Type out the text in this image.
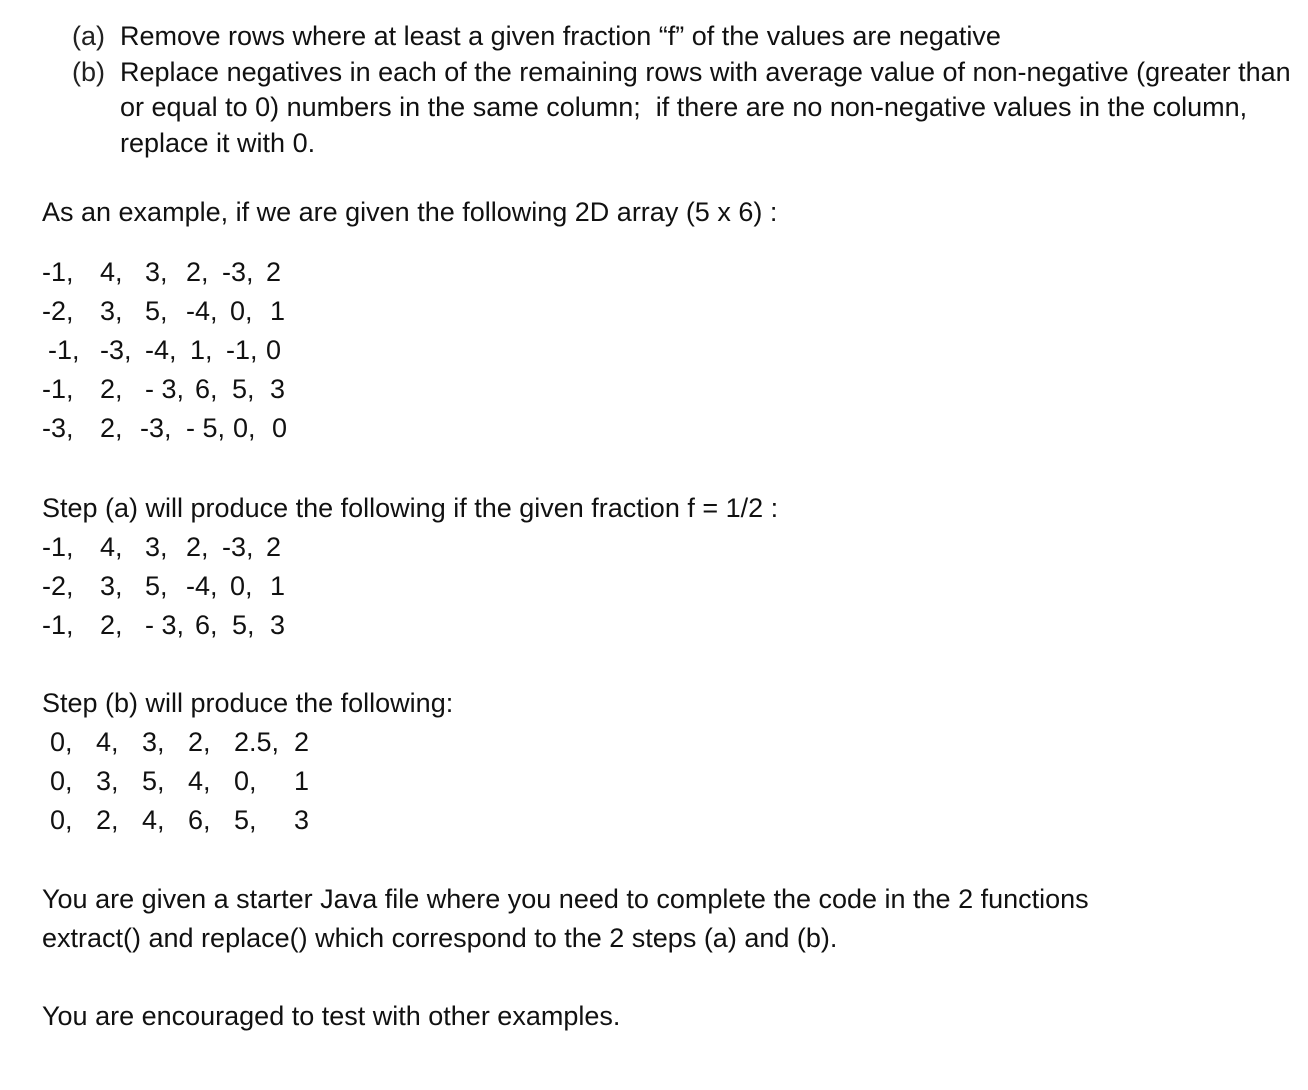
(a) Remove rows where at least a given fraction “f” of the values are negative
(b) Replace negatives in each of the remaining rows with average value of non-negative (greater than
or equal to 0) numbers in the same column;  if there are no non-negative values in the column,
replace it with 0.
As an example, if we are given the following 2D array (5 x 6) :

-1,

4,

3,

2,

-3,

2

-2,

3,

5,

-4,

0,

1

-1,

-3,

-4,

1,

-1,

0

-1,

2,

- 3,

6,

5,

3

-3,

2,

-3,

- 5,

0,

0

Step (a) will produce the following if the given fraction f = 1/2 :

-1,

4,

3,

2,

-3,

2

-2,

3,

5,

-4,

0,

1

-1,

2,

- 3,

6,

5,

3

Step (b) will produce the following:

0,

4,

3,

2,

2.5,

2

0,

3,

5,

4,

0,

1

0,

2,

4,

6,

5,

3

You are given a starter Java file where you need to complete the code in the 2 functions
extract() and replace() which correspond to the 2 steps (a) and (b).
You are encouraged to test with other examples.
